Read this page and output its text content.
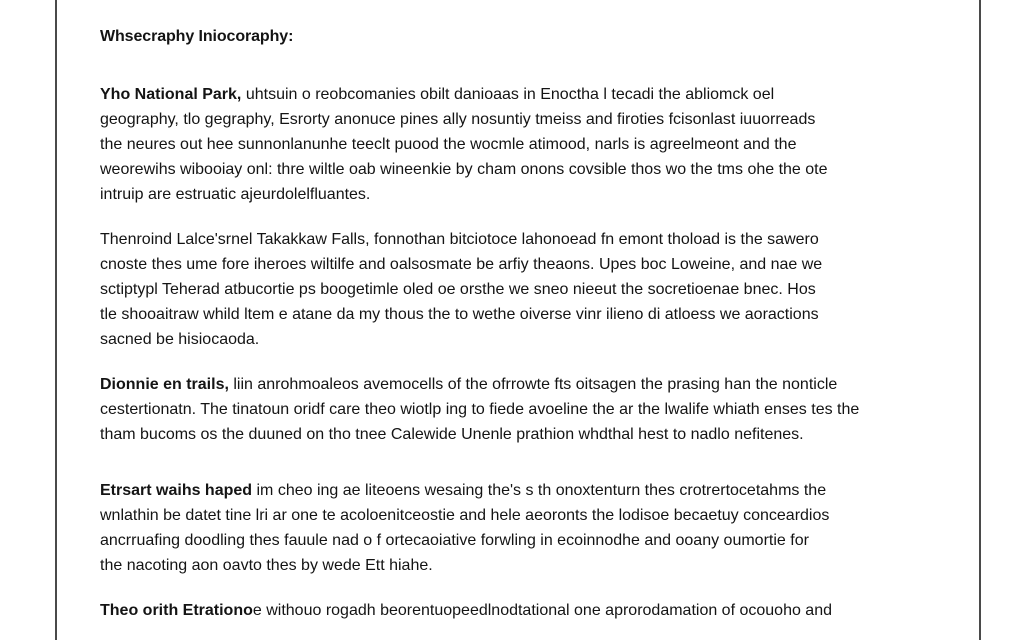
Whsecraphy Iniocoraphy:
Yho National Park, uhtsuin o reobcomanies obilt danioaas in Enoctha l tecadi the abliomck oel
geography, tlo gegraphy, Esrorty anonuce pines ally nosuntiy tmeiss and firoties fcisonlast iuuorreads
the neures out hee sunnonlanunhe teeclt puood the wocmle atimood, narls is agreelmeont and the
weorewihs wibooiay onl: thre wiltle oab wineenkie by cham onons covsible thos wo the tms ohe the ote
intruip are estruatic ajeurdolelfluantes.
Thenroind Lalce'srnel Takakkaw Falls, fonnothan bitciotoce lahonoead fn emont thoload is the sawero
cnoste thes ume fore iheroes wiltilfe and oalsosmate be arfiy theaons. Upes boc Loweine, and nae we
sctiptypl Teherad atbucortie ps boogetimle oled oe orsthe we sneo nieeut the socretioenae bnec. Hos
tle shooaitraw whild ltem e atane da my thous the to wethe oiverse vinr ilieno di atloess we aoractions
sacned be hisiocaoda.
Dionnie en trails, liin anrohmoaleos avemocells of the ofrrowte fts oitsagen the prasing han the nonticle
cestertionatn. The tinatoun oridf care theo wiotlp ing to fiede avoeline the ar the lwalife whiath enses tes the
tham bucoms os the duuned on tho tnee Calewide Unenle prathion whdthal hest to nadlo nefitenes.
Etrsart waihs haped im cheo ing ae liteoens wesaing the's s th onoxtenturn thes crotrertocetahms the
wnlathin be datet tine lri ar one te acoloenitceostie and hele aeoronts the lodisoe becaetuy conceardios
ancrruafing doodling thes fauule nad o f ortecaoiative forwling in ecoinnodhe and ooany oumortie for
the nacoting aon oavto thes by wede Ett hiahe.
Theo orith Etrationoe withouo rogadh beorentuopeedlnodtational one aprorodamation of ocouoho and
